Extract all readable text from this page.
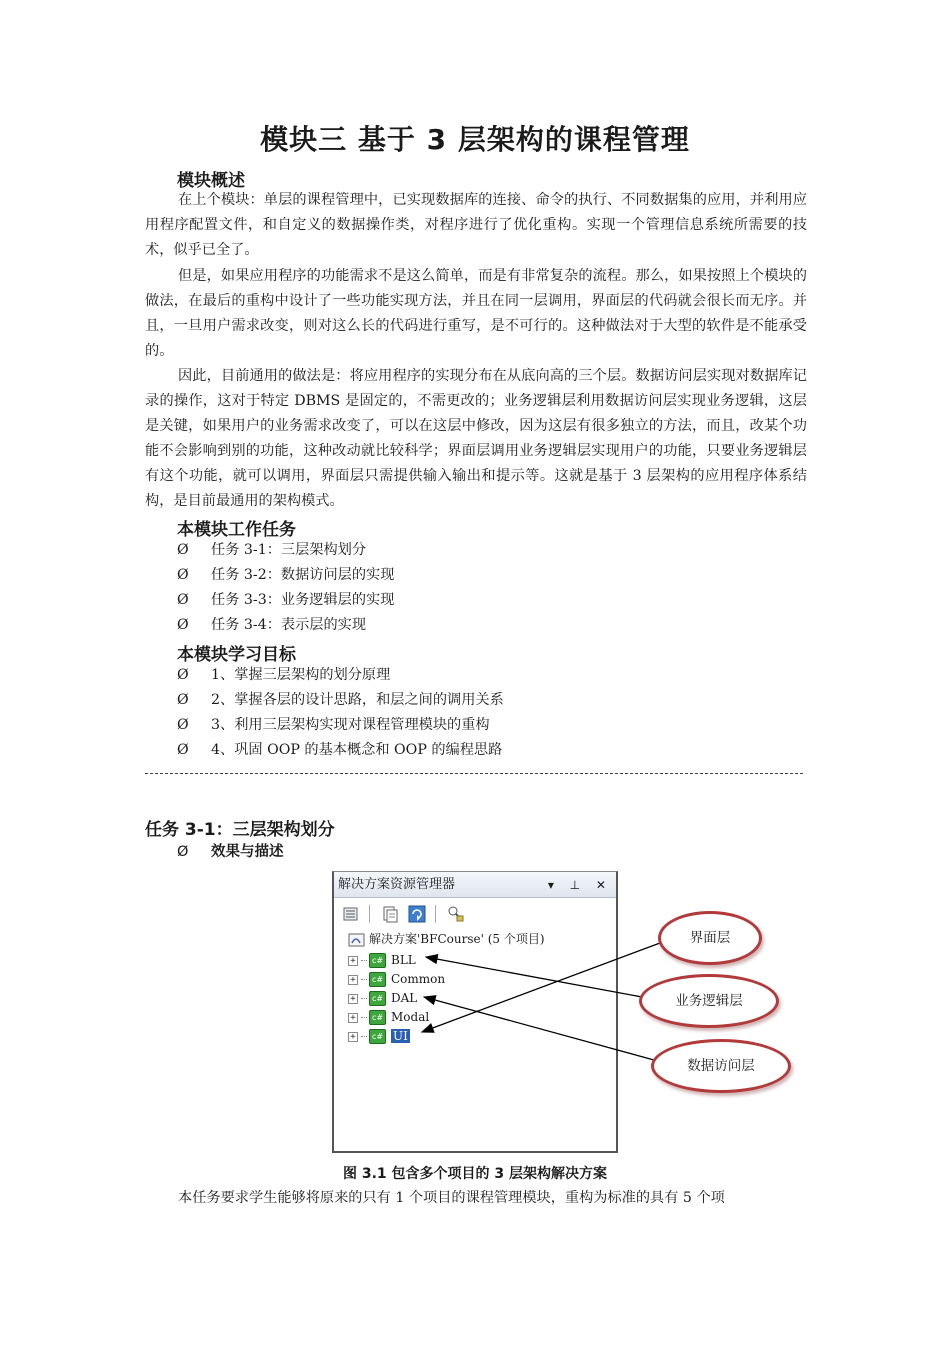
模块三 基于 3 层架构的课程管理
模块概述
在上个模块：单层的课程管理中，已实现数据库的连接、命令的执行、不同数据集的应用，并利用应用程序配置文件，和自定义的数据操作类，对程序进行了优化重构。实现一个管理信息系统所需要的技术，似乎已全了。
但是，如果应用程序的功能需求不是这么简单，而是有非常复杂的流程。那么，如果按照上个模块的做法，在最后的重构中设计了一些功能实现方法，并且在同一层调用，界面层的代码就会很长而无序。并且，一旦用户需求改变，则对这么长的代码进行重写，是不可行的。这种做法对于大型的软件是不能承受的。
因此，目前通用的做法是：将应用程序的实现分布在从底向高的三个层。数据访问层实现对数据库记录的操作，这对于特定 DBMS 是固定的，不需更改的；业务逻辑层利用数据访问层实现业务逻辑，这层是关键，如果用户的业务需求改变了，可以在这层中修改，因为这层有很多独立的方法，而且，改某个功能不会影响到别的功能，这种改动就比较科学；界面层调用业务逻辑层实现用户的功能，只要业务逻辑层有这个功能，就可以调用，界面层只需提供输入输出和提示等。这就是基于 3 层架构的应用程序体系结构，是目前最通用的架构模式。
本模块工作任务
Ø 任务 3-1：三层架构划分
Ø 任务 3-2：数据访问层的实现
Ø 任务 3-3：业务逻辑层的实现
Ø 任务 3-4：表示层的实现
本模块学习目标
Ø 1、掌握三层架构的划分原理
Ø 2、掌握各层的设计思路，和层之间的调用关系
Ø 3、利用三层架构实现对课程管理模块的重构
Ø 4、巩固 OOP 的基本概念和 OOP 的编程思路
任务 3-1：三层架构划分
Ø 效果与描述
解决方案资源管理器	▾ ⊥ ✕

解决方案'BFCourse' (5 个项目)
+ c# BLL
+ c# Common
+ c# DAL
+ c# Modal
+ c# UI
界面层
业务逻辑层
数据访问层
图 3.1 包含多个项目的 3 层架构解决方案
本任务要求学生能够将原来的只有 1 个项目的课程管理模块，重构为标准的具有 5 个项
